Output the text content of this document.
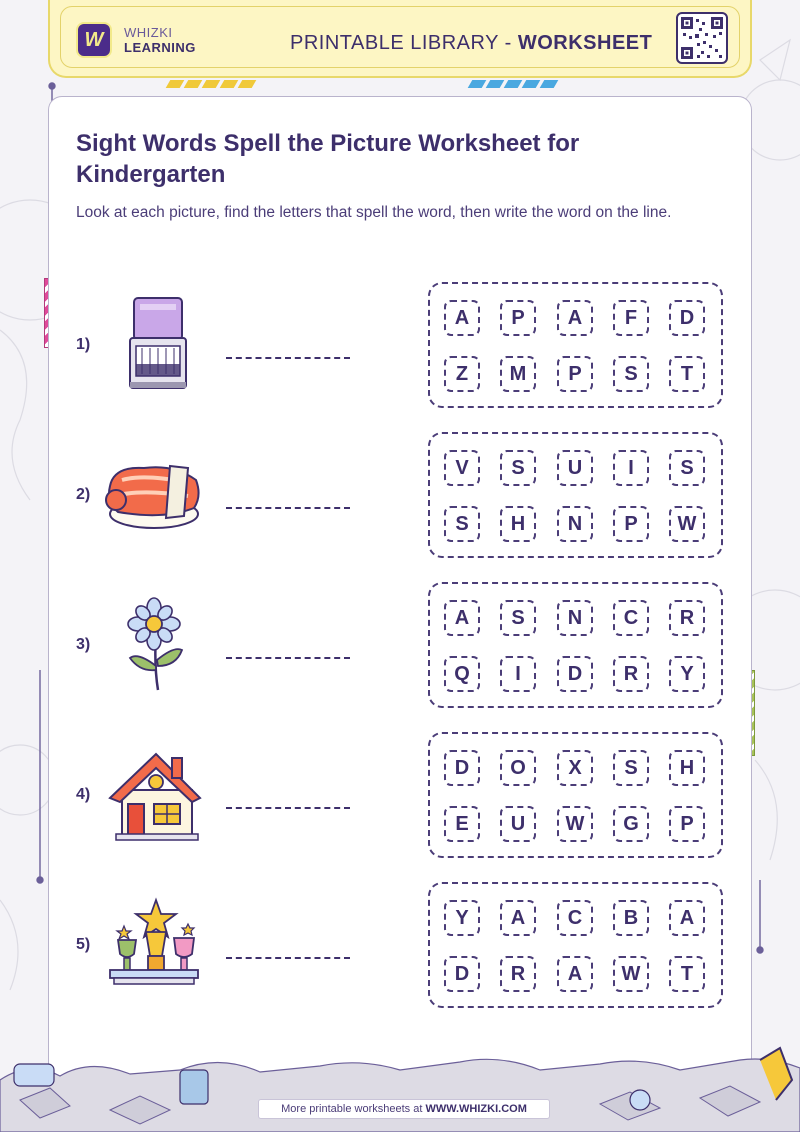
W WHIZKI
LEARNING	PRINTABLE LIBRARY - WORKSHEET
Sight Words Spell the Picture Worksheet for Kindergarten
Look at each picture, find the letters that spell the word, then write the word on the line.
1)
2)
3)
4)
5)
A	P	A	F	D
Z	M	P	S	T
V	S	U	I	S
S	H	N	P	W
A	S	N	C	R
Q	I	D	R	Y
D	O	X	S	H
E	U	W	G	P
Y	A	C	B	A
D	R	A	W	T
More printable worksheets at WWW.WHIZKI.COM
